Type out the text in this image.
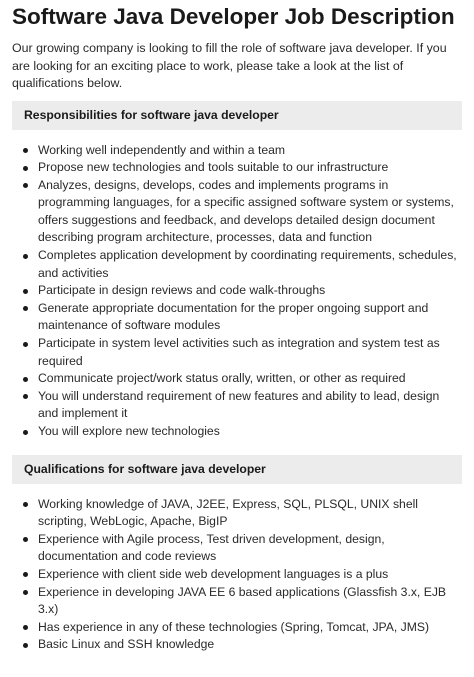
Software Java Developer Job Description

Our growing company is looking to fill the role of software java developer. If you are looking for an exciting place to work, please take a look at the list of qualifications below.

Responsibilities for software java developer
Working well independently and within a team
Propose new technologies and tools suitable to our infrastructure
Analyzes, designs, develops, codes and implements programs in programming languages, for a specific assigned software system or systems, offers suggestions and feedback, and develops detailed design document describing program architecture, processes, data and function
Completes application development by coordinating requirements, schedules, and activities
Participate in design reviews and code walk-throughs
Generate appropriate documentation for the proper ongoing support and maintenance of software modules
Participate in system level activities such as integration and system test as required
Communicate project/work status orally, written, or other as required
You will understand requirement of new features and ability to lead, design and implement it
You will explore new technologies
Qualifications for software java developer
Working knowledge of JAVA, J2EE, Express, SQL, PLSQL, UNIX shell scripting, WebLogic, Apache, BigIP
Experience with Agile process, Test driven development, design, documentation and code reviews
Experience with client side web development languages is a plus
Experience in developing JAVA EE 6 based applications (Glassfish 3.x, EJB 3.x)
Has experience in any of these technologies (Spring, Tomcat, JPA, JMS)
Basic Linux and SSH knowledge
